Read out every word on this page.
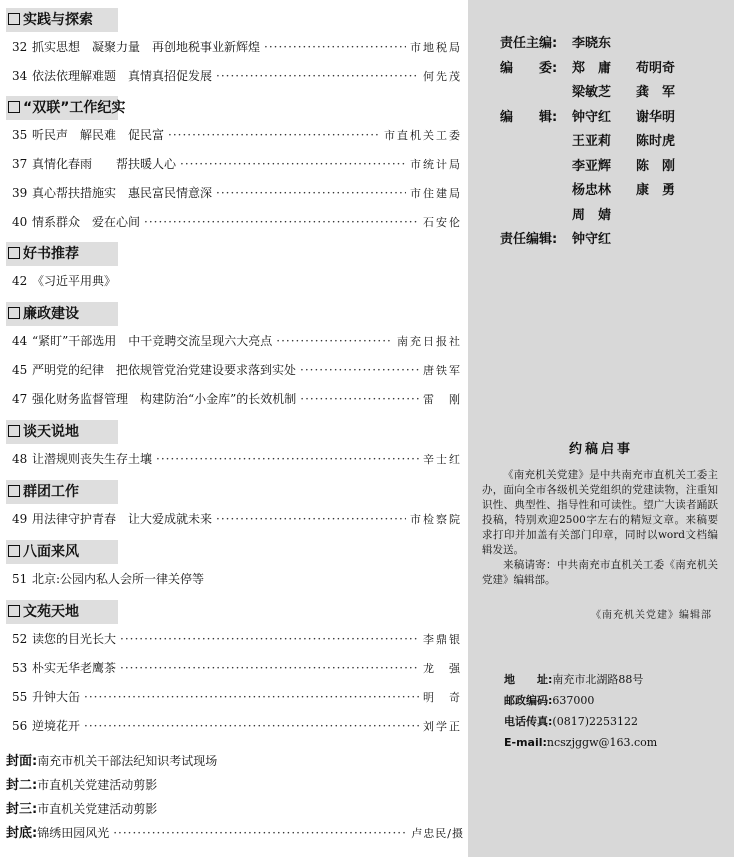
实践与探索
32 抓实思想　凝聚力量　再创地税事业新辉煌 ·····	市地税局
34 依法依理解难题　真情真招促发展 ·····	何先茂
“双联”工作纪实
35 听民声　解民难　促民富 ·····	市直机关工委
37 真情化春雨　　帮扶暖人心 ·····	市统计局
39 真心帮扶措施实　惠民富民情意深 ·····	市住建局
40 情系群众　爱在心间 ·····	石安伦
好书推荐
42 《习近平用典》
廉政建设
44 “紧盯”干部选用　中干竞聘交流呈现六大亮点 ·····	南充日报社
45 严明党的纪律　把依规管党治党建设要求落到实处 ·····	唐铁军
47 强化财务监督管理　构建防治“小金库”的长效机制 ·····	雷　刚
谈天说地
48 让潜规则丧失生存土壤 ·····	辛士红
群团工作
49 用法律守护青春　让大爱成就未来 ·····	市检察院
八面来风
51 北京:公园内私人会所一律关停等
文苑天地
52 读您的目光长大 ·····	李鼎银
53 朴实无华老鹰茶 ·····	龙　强
55 升钟大缶 ·····	明　奇
56 逆境花开 ·····	刘学正
封面: 南充市机关干部法纪知识考试现场
封二: 市直机关党建活动剪影
封三: 市直机关党建活动剪影
封底: 锦绣田园风光 ·····	卢忠民/摄
责任主编: 李晓东
编　　委: 郑　庸 苟明奇
梁敏芝 龚　军
编　　辑: 钟守红 谢华明
王亚莉 陈时虎
李亚辉 陈　刚
杨忠林 康　勇
周　婧
责任编辑: 钟守红
约稿启事

《南充机关党建》是中共南充市直机关工委主办，面向全市各级机关党组织的党建读物，注重知识性、典型性、指导性和可读性。望广大读者踊跃投稿，特别欢迎2500字左右的精短文章。来稿要求打印并加盖有关部门印章，同时以word文档编辑发送。

来稿请寄：中共南充市直机关工委《南充机关党建》编辑部。

《南充机关党建》编辑部
地　　址:南充市北湖路88号
邮政编码:637000
电话传真:(0817)2253122
E-mail:ncszjggw@163.com
